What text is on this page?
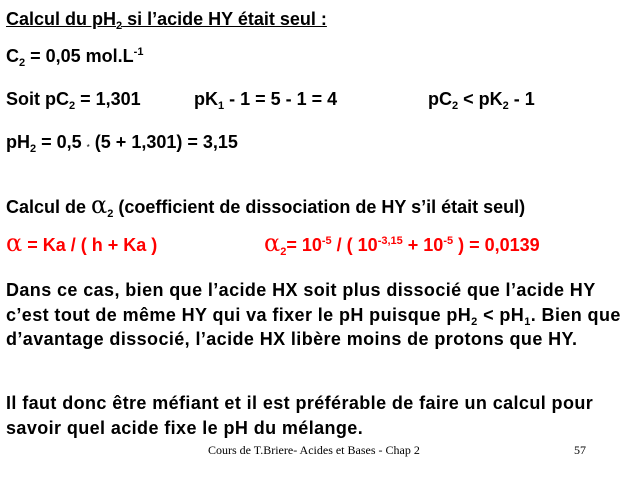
Calcul du $pH_2$ si l’acide HY était seul :
$C_2 = 0,05$ $mol.L^{-1}$
Soit $pC_2 = 1,301$	$pK_1 - 1 = 5 - 1 = 4$	$pC_2 < pK_2 - 1$
$pH_2 = 0,5 * (5 + 1,301) = 3,15$
Calcul de $\alpha_2$ (coefficient de dissociation de HY s’il était seul)
α = Ka / ( h + Ka )	$\alpha_2= 10^{-5}$ / ( $10^{-3,15} + 10^{-5}$ ) = 0,0139
Dans ce cas, bien que l’acide HX soit plus dissocié que l’acide HY c’est tout de même HY qui va fixer le pH puisque $pH_2 < pH_1$. Bien que d’avantage dissocié, l’acide HX libère moins de protons que HY.
Il faut donc être méfiant et il est préférable de faire un calcul pour savoir quel acide fixe le pH du mélange.
Cours de T.Briere- Acides et Bases - Chap 2	57
